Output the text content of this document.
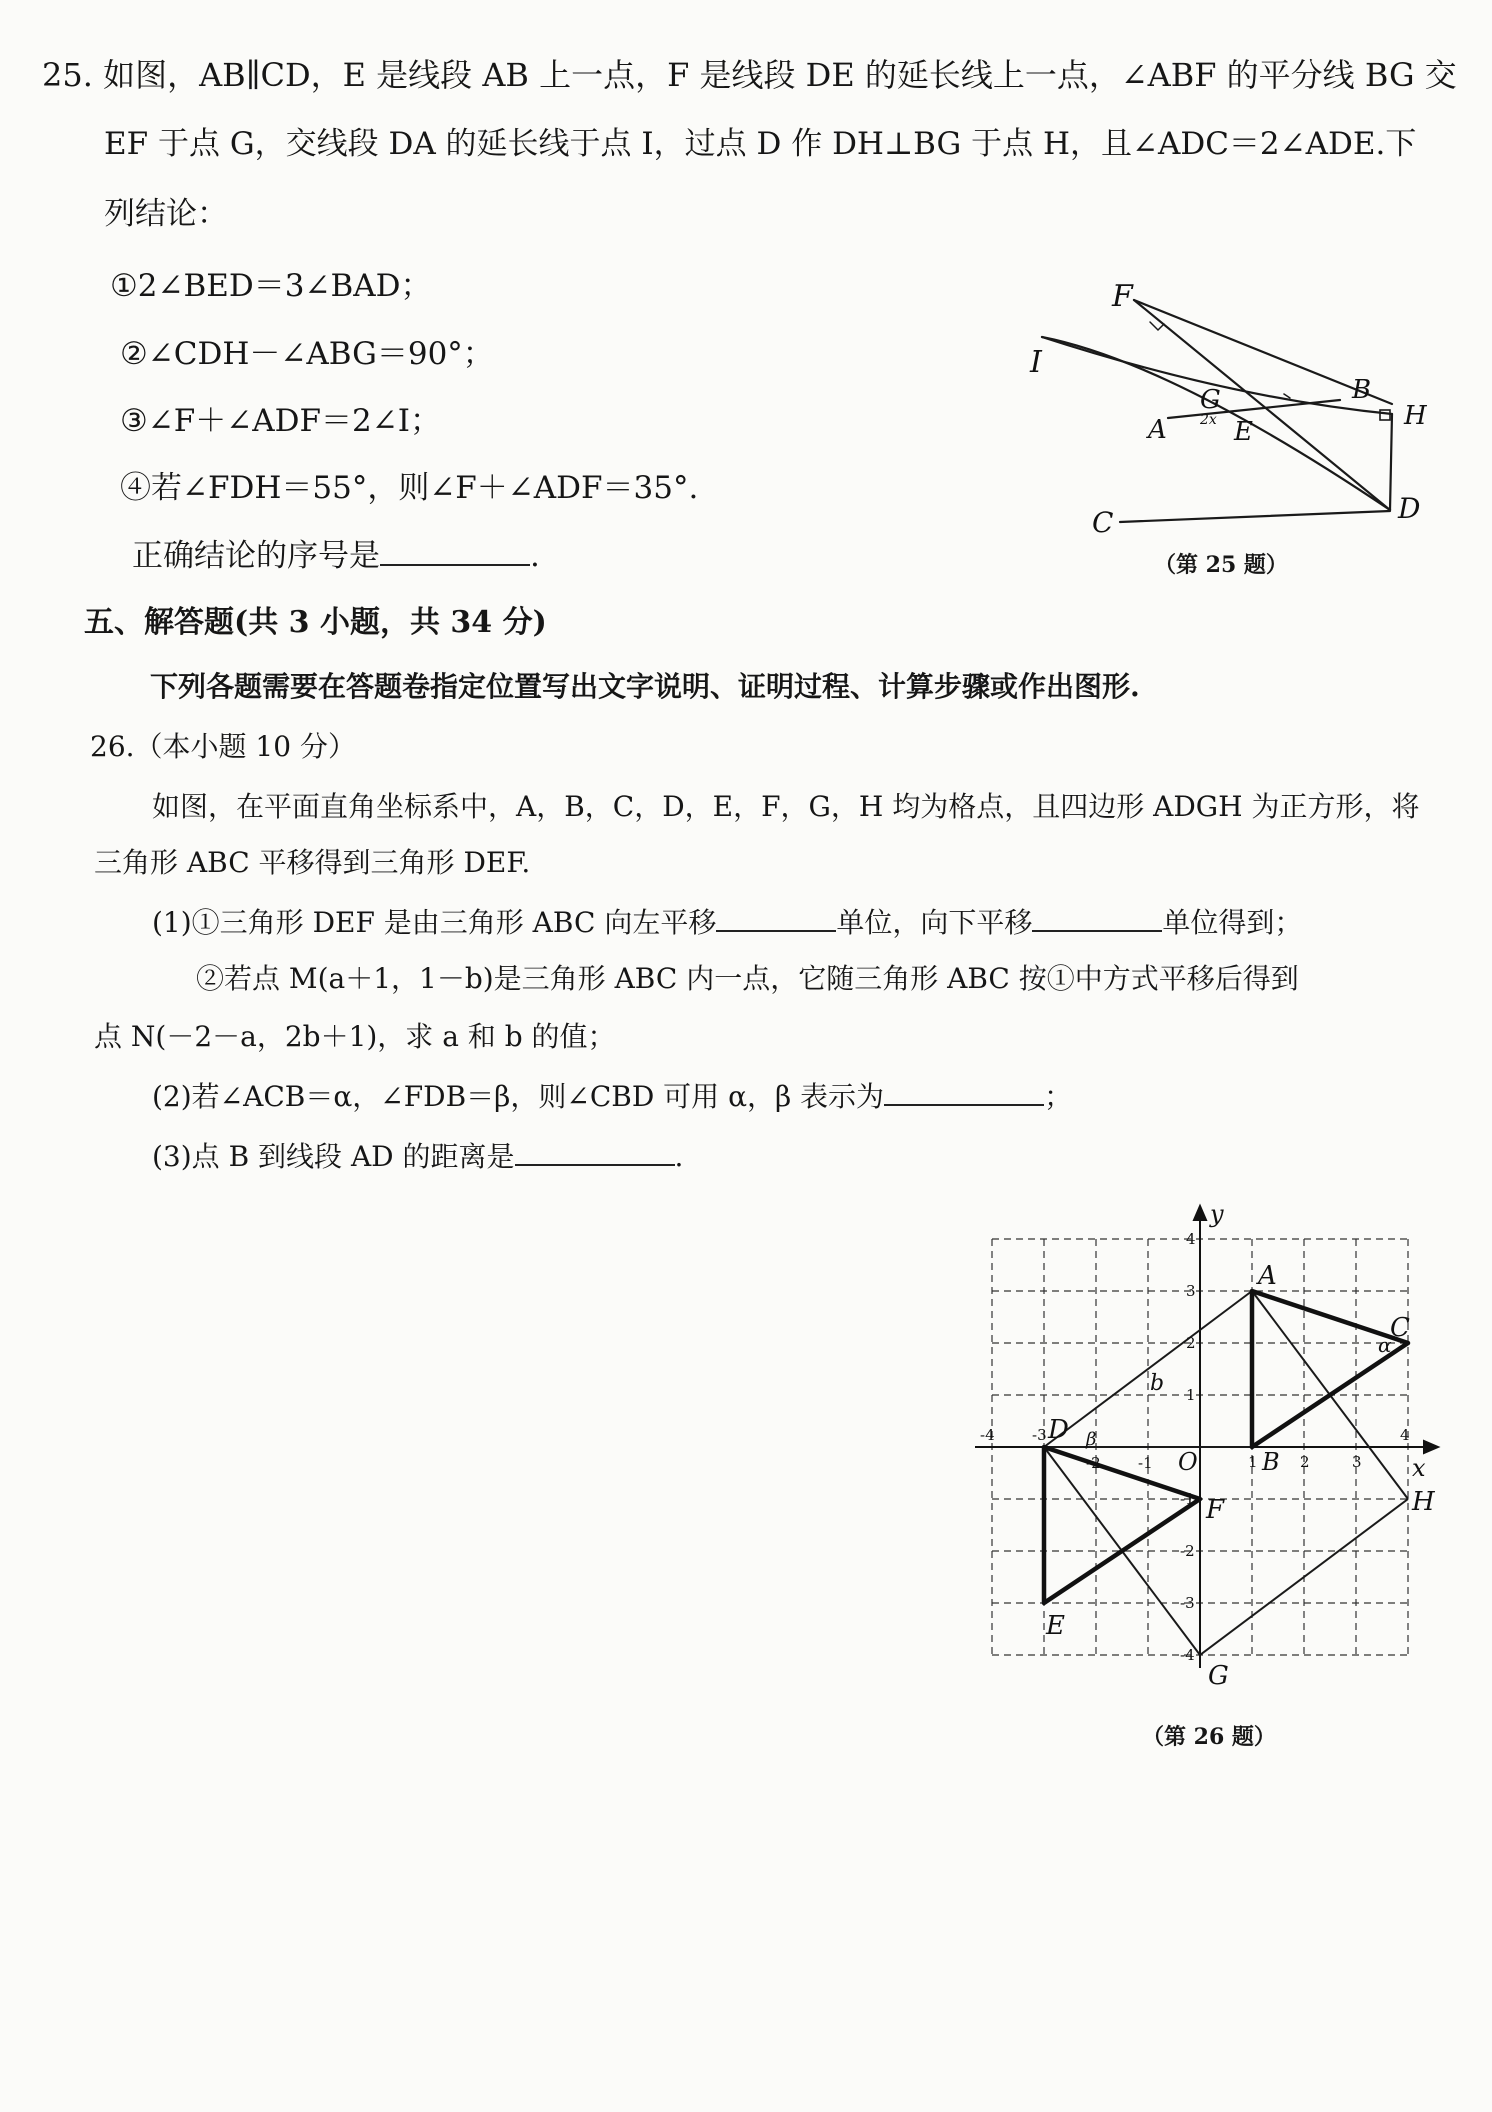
25. 如图，AB∥CD，E 是线段 AB 上一点，F 是线段 DE 的延长线上一点，∠ABF 的平分线 BG 交
EF 于点 G，交线段 DA 的延长线于点 I，过点 D 作 DH⊥BG 于点 H，且∠ADC＝2∠ADE.下
列结论：
①2∠BED＝3∠BAD；
②∠CDH－∠ABG＝90°；
③∠F＋∠ADF＝2∠I；
④若∠FDH＝55°，则∠F＋∠ADF＝35°.
正确结论的序号是	.
F
I
G	B
H
A 2x E
C	D
（第 25 题）
五、解答题(共 3 小题，共 34 分)
下列各题需要在答题卷指定位置写出文字说明、证明过程、计算步骤或作出图形.
26.（本小题 10 分）
如图，在平面直角坐标系中，A，B，C，D，E，F，G，H 均为格点，且四边形 ADGH 为正方形，将
三角形 ABC 平移得到三角形 DEF.
(1)①三角形 DEF 是由三角形 ABC 向左平移	单位，向下平移	单位得到；
②若点 M(a＋1，1－b)是三角形 ABC 内一点，它随三角形 ABC 按①中方式平移后得到
点 N(－2－a，2b＋1)，求 a 和 b 的值；
(2)若∠ACB＝α，∠FDB＝β，则∠CBD 可用 α，β 表示为	；
(3)点 B 到线段 AD 的距离是	.
-4 -3
-2 -1	1	2	3
4
4
3
2
1
-1
-2
-3
-4
x
y
O
A
B
C
D
E
F
G
H
α
β
b
（第 26 题）
